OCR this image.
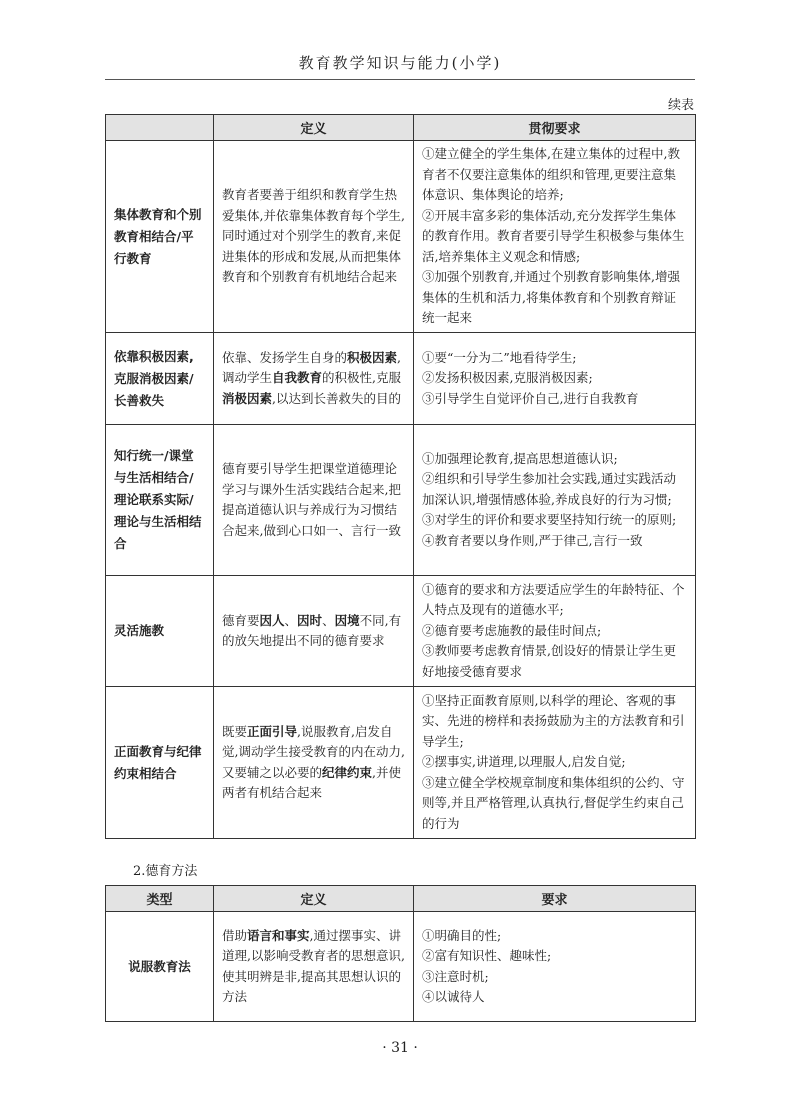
教育教学知识与能力(小学)
续表
	定义	贯彻要求
集体教育和个别教育相结合/平行教育	教育者要善于组织和教育学生热爱集体,并依靠集体教育每个学生,同时通过对个别学生的教育,来促进集体的形成和发展,从而把集体教育和个别教育有机地结合起来	①建立健全的学生集体,在建立集体的过程中,教育者不仅要注意集体的组织和管理,更要注意集体意识、集体舆论的培养;
②开展丰富多彩的集体活动,充分发挥学生集体的教育作用。教育者要引导学生积极参与集体生活,培养集体主义观念和情感;
③加强个别教育,并通过个别教育影响集体,增强集体的生机和活力,将集体教育和个别教育辩证统一起来

依靠积极因素,克服消极因素/长善救失	依靠、发扬学生自身的积极因素,调动学生自我教育的积极性,克服消极因素,以达到长善救失的目的	①要“一分为二”地看待学生;
②发扬积极因素,克服消极因素;
③引导学生自觉评价自己,进行自我教育

知行统一/课堂与生活相结合/理论联系实际/理论与生活相结合	德育要引导学生把课堂道德理论学习与课外生活实践结合起来,把提高道德认识与养成行为习惯结合起来,做到心口如一、言行一致	①加强理论教育,提高思想道德认识;
②组织和引导学生参加社会实践,通过实践活动加深认识,增强情感体验,养成良好的行为习惯;
③对学生的评价和要求要坚持知行统一的原则;
④教育者要以身作则,严于律己,言行一致

灵活施教	德育要因人、因时、因境不同,有的放矢地提出不同的德育要求	①德育的要求和方法要适应学生的年龄特征、个人特点及现有的道德水平;
②德育要考虑施教的最佳时间点;
③教师要考虑教育情景,创设好的情景让学生更好地接受德育要求

正面教育与纪律约束相结合	既要正面引导,说服教育,启发自觉,调动学生接受教育的内在动力,又要辅之以必要的纪律约束,并使两者有机结合起来	①坚持正面教育原则,以科学的理论、客观的事实、先进的榜样和表扬鼓励为主的方法教育和引导学生;
②摆事实,讲道理,以理服人,启发自觉;
③建立健全学校规章制度和集体组织的公约、守则等,并且严格管理,认真执行,督促学生约束自己的行为
2.德育方法
类型	定义	要求
说服教育法	借助语言和事实,通过摆事实、讲道理,以影响受教育者的思想意识,使其明辨是非,提高其思想认识的方法	①明确目的性;
②富有知识性、趣味性;
③注意时机;
④以诚待人
· 31 ·
